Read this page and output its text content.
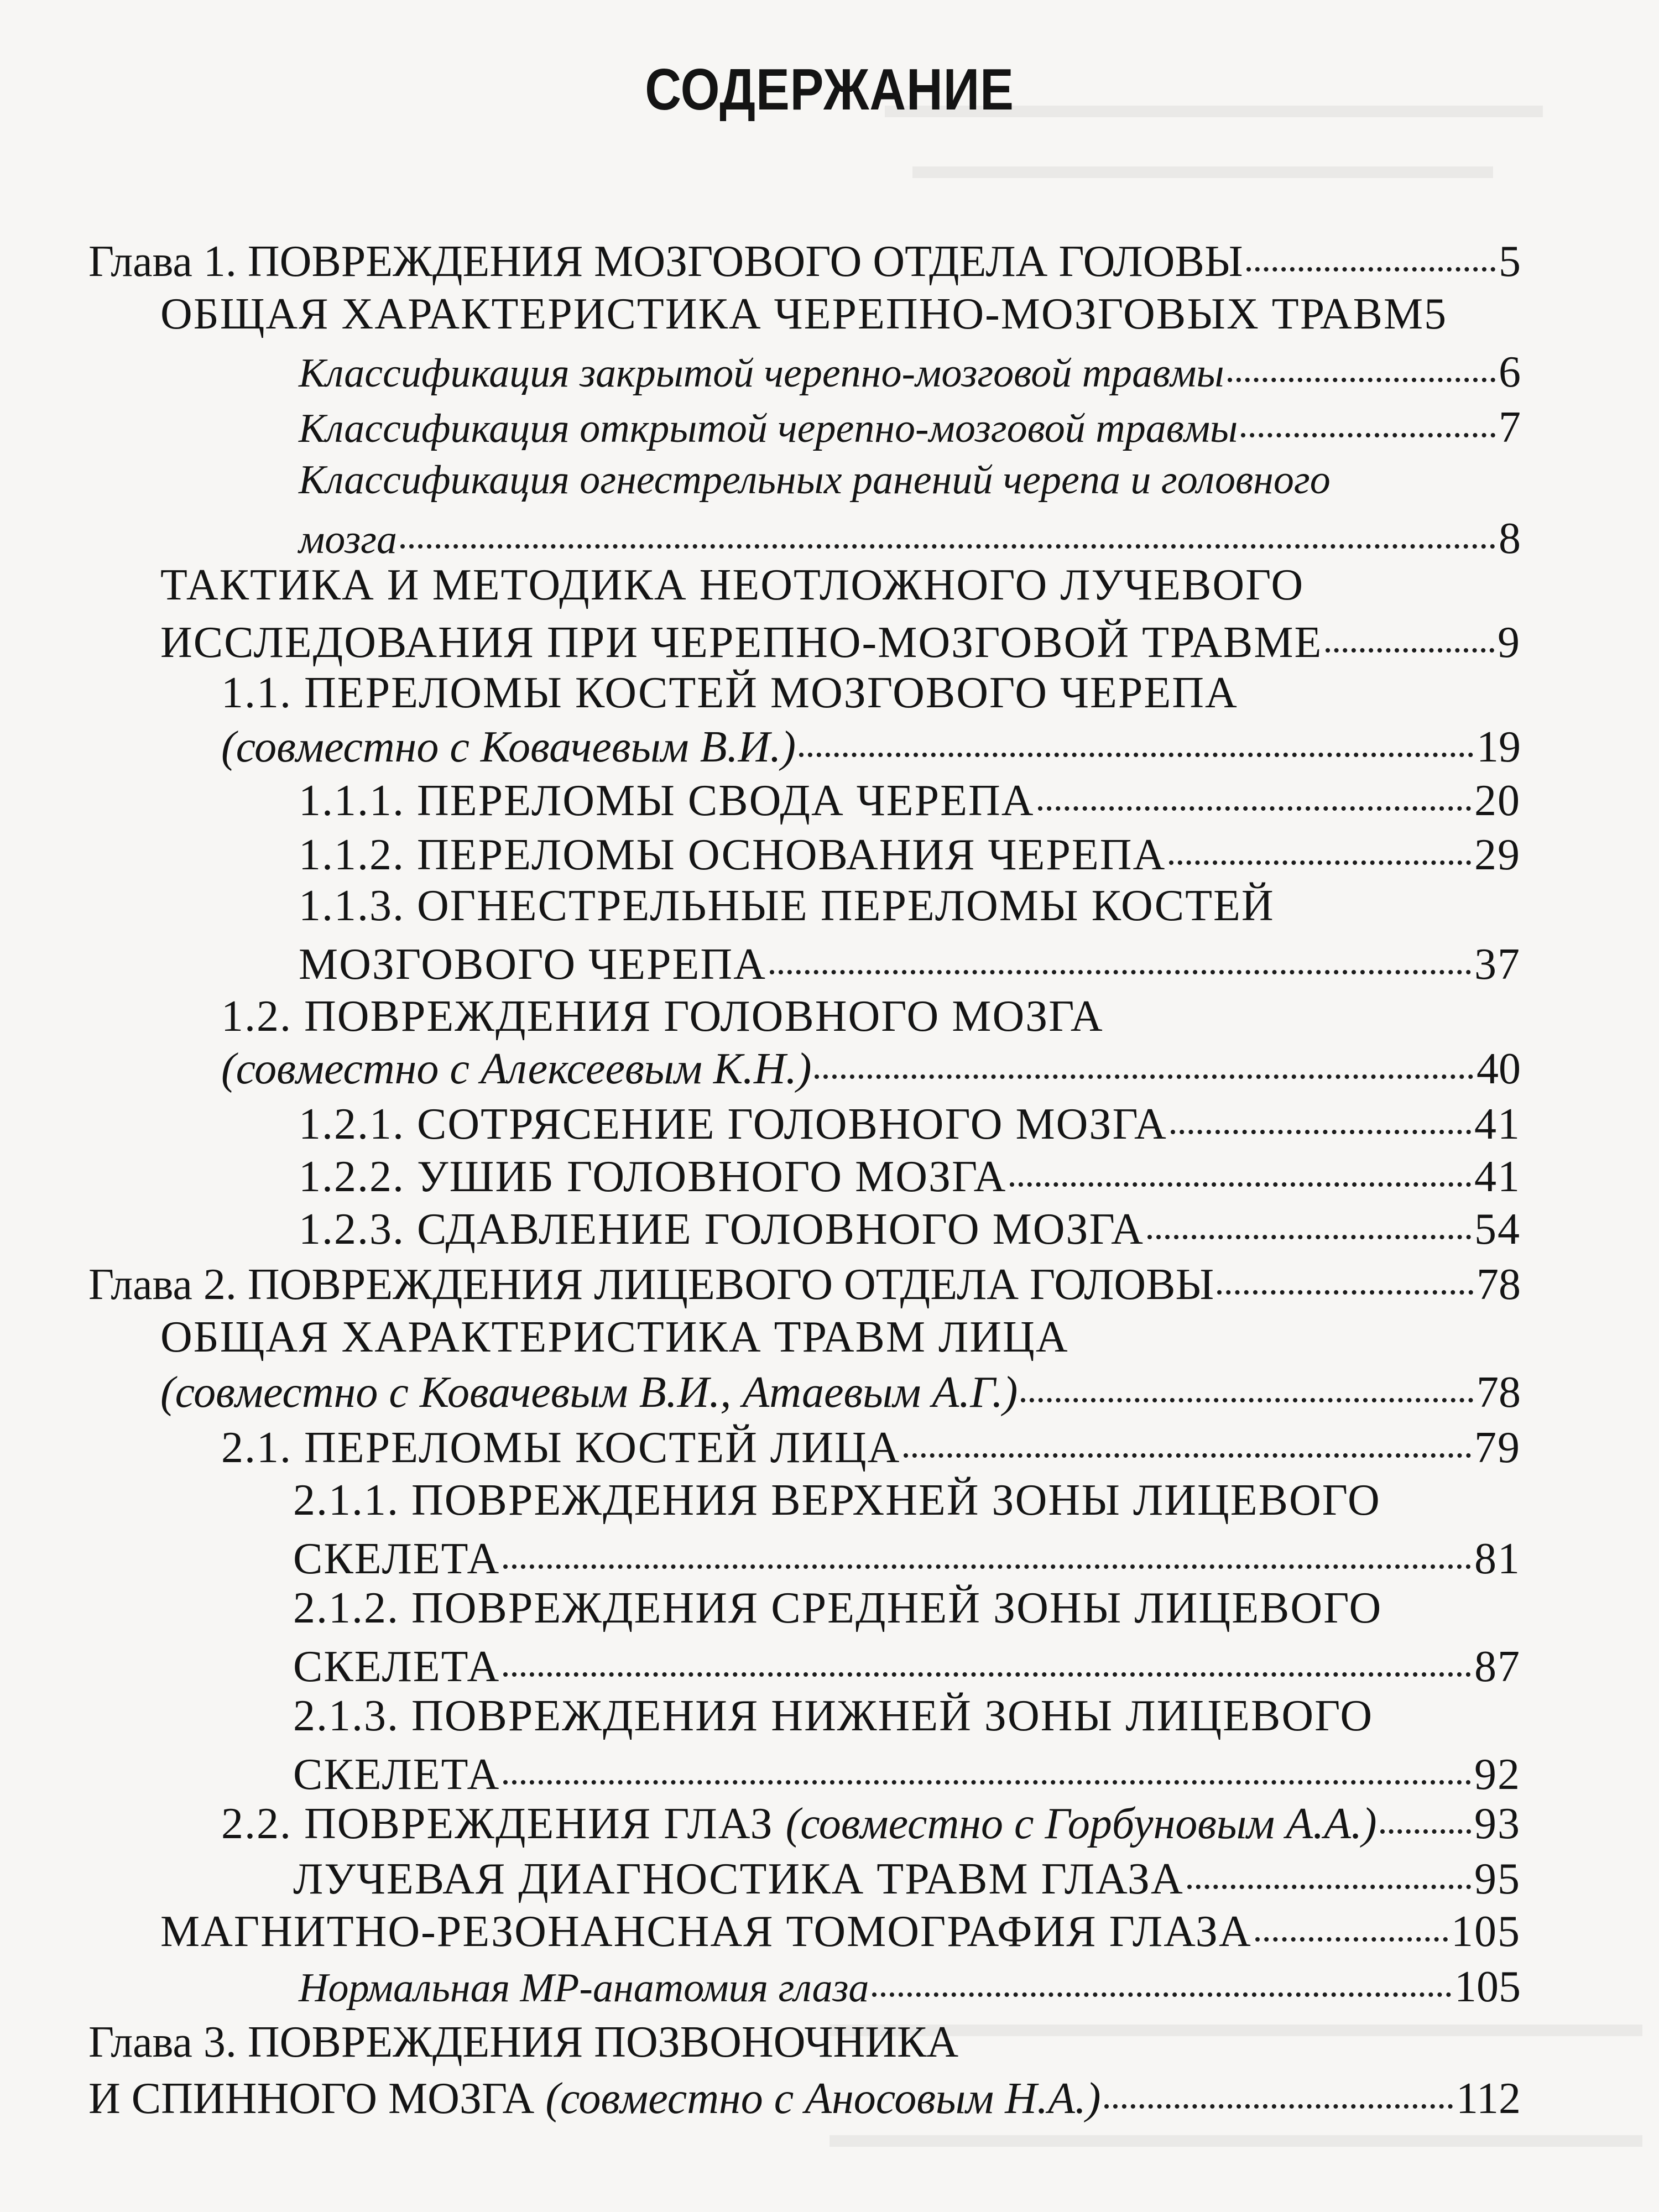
▬▬▬▬▬▬▬▬▬▬▬▬▬▬▬▬▬
▬▬▬▬▬▬▬▬▬▬▬▬▬▬▬
▬▬▬▬▬▬▬▬▬▬▬▬▬▬▬▬▬▬▬▬▬
▬▬▬▬▬▬▬▬▬▬▬▬▬▬▬▬▬▬▬▬▬
СОДЕРЖАНИЕ
Глава 1. ПОВРЕЖДЕНИЯ МОЗГОВОГО ОТДЕЛА ГОЛОВЫ	5
ОБЩАЯ ХАРАКТЕРИСТИКА ЧЕРЕПНО-МОЗГОВЫХ ТРАВМ 5
Классификация закрытой черепно-мозговой травмы	6
Классификация открытой черепно-мозговой травмы	7
Классификация огнестрельных ранений черепа и головного
мозга	8
ТАКТИКА И МЕТОДИКА НЕОТЛОЖНОГО ЛУЧЕВОГО
ИССЛЕДОВАНИЯ ПРИ ЧЕРЕПНО-МОЗГОВОЙ ТРАВМЕ	9
1.1. ПЕРЕЛОМЫ КОСТЕЙ МОЗГОВОГО ЧЕРЕПА
(совместно с Ковачевым В.И.)	19
1.1.1. ПЕРЕЛОМЫ СВОДА ЧЕРЕПА	20
1.1.2. ПЕРЕЛОМЫ ОСНОВАНИЯ ЧЕРЕПА	29
1.1.3. ОГНЕСТРЕЛЬНЫЕ ПЕРЕЛОМЫ КОСТЕЙ
МОЗГОВОГО ЧЕРЕПА	37
1.2. ПОВРЕЖДЕНИЯ ГОЛОВНОГО МОЗГА
(совместно с Алексеевым К.Н.)	40
1.2.1. СОТРЯСЕНИЕ ГОЛОВНОГО МОЗГА	41
1.2.2. УШИБ ГОЛОВНОГО МОЗГА	41
1.2.3. СДАВЛЕНИЕ ГОЛОВНОГО МОЗГА	54
Глава 2. ПОВРЕЖДЕНИЯ ЛИЦЕВОГО ОТДЕЛА ГОЛОВЫ	78
ОБЩАЯ ХАРАКТЕРИСТИКА ТРАВМ ЛИЦА
(совместно с Ковачевым В.И., Атаевым А.Г.)	78
2.1. ПЕРЕЛОМЫ КОСТЕЙ ЛИЦА	79
2.1.1. ПОВРЕЖДЕНИЯ ВЕРХНЕЙ ЗОНЫ ЛИЦЕВОГО
СКЕЛЕТА	81
2.1.2. ПОВРЕЖДЕНИЯ СРЕДНЕЙ ЗОНЫ ЛИЦЕВОГО
СКЕЛЕТА	87
2.1.3. ПОВРЕЖДЕНИЯ НИЖНЕЙ ЗОНЫ ЛИЦЕВОГО
СКЕЛЕТА	92
2.2. ПОВРЕЖДЕНИЯ ГЛАЗ (совместно с Горбуновым А.А.) 93
ЛУЧЕВАЯ ДИАГНОСТИКА ТРАВМ ГЛАЗА	95
МАГНИТНО-РЕЗОНАНСНАЯ ТОМОГРАФИЯ ГЛАЗА	105
Нормальная МР-анатомия глаза	105
Глава 3. ПОВРЕЖДЕНИЯ ПОЗВОНОЧНИКА
И СПИННОГО МОЗГА (совместно с Аносовым Н.А.)	112
